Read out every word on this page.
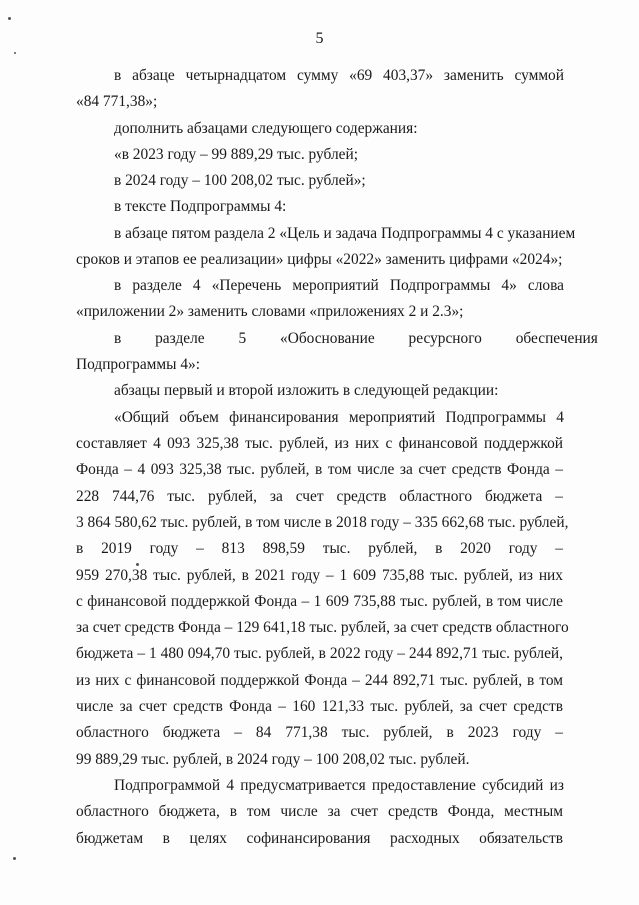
5
в абзаце четырнадцатом сумму «69 403,37» заменить суммой
«84 771,38»;
дополнить абзацами следующего содержания:
«в 2023 году – 99 889,29 тыс. рублей;
в 2024 году – 100 208,02 тыс. рублей»;
в тексте Подпрограммы 4:
в абзаце пятом раздела 2 «Цель и задача Подпрограммы 4 с указанием
сроков и этапов ее реализации» цифры «2022» заменить цифрами «2024»;
в разделе 4 «Перечень мероприятий Подпрограммы 4» слова
«приложении 2» заменить словами «приложениях 2 и 2.3»;
в разделе 5 «Обоснование ресурсного обеспечения
Подпрограммы 4»:
абзацы первый и второй изложить в следующей редакции:
«Общий объем финансирования мероприятий Подпрограммы 4
составляет 4 093 325,38 тыс. рублей, из них с финансовой поддержкой
Фонда – 4 093 325,38 тыс. рублей, в том числе за счет средств Фонда –
228 744,76 тыс. рублей, за счет средств областного бюджета –
3 864 580,62 тыс. рублей, в том числе в 2018 году – 335 662,68 тыс. рублей,
в 2019 году – 813 898,59 тыс. рублей, в 2020 году –
959 270,38 тыс. рублей, в 2021 году – 1 609 735,88 тыс. рублей, из них
с финансовой поддержкой Фонда – 1 609 735,88 тыс. рублей, в том числе
за счет средств Фонда – 129 641,18 тыс. рублей, за счет средств областного
бюджета – 1 480 094,70 тыс. рублей, в 2022 году – 244 892,71 тыс. рублей,
из них с финансовой поддержкой Фонда – 244 892,71 тыс. рублей, в том
числе за счет средств Фонда – 160 121,33 тыс. рублей, за счет средств
областного бюджета – 84 771,38 тыс. рублей, в 2023 году –
99 889,29 тыс. рублей, в 2024 году – 100 208,02 тыс. рублей.
Подпрограммой 4 предусматривается предоставление субсидий из
областного бюджета, в том числе за счет средств Фонда, местным
бюджетам в целях софинансирования расходных обязательств
